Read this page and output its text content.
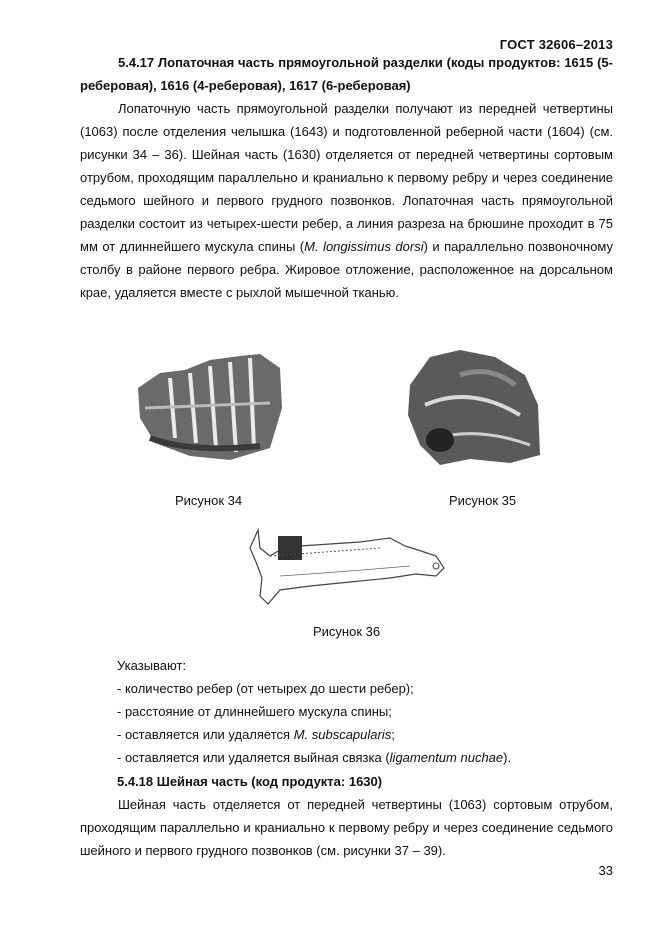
ГОСТ 32606–2013
5.4.17 Лопаточная часть прямоугольной разделки (коды продуктов: 1615 (5-реберовая), 1616 (4-реберовая), 1617 (6-реберовая)
Лопаточную часть прямоугольной разделки получают из передней четвертины (1063) после отделения челышка (1643) и подготовленной реберной части (1604) (см. рисунки 34 – 36). Шейная часть (1630) отделяется от передней четвертины сортовым отрубом, проходящим параллельно и краниально к первому ребру и через соединение седьмого шейного и первого грудного позвонков. Лопаточная часть прямоугольной разделки состоит из четырех-шести ребер, а линия разреза на брюшине проходит в 75 мм от длиннейшего мускула спины (M. longissimus dorsi) и параллельно позвоночному столбу в районе первого ребра. Жировое отложение, расположенное на дорсальном крае, удаляется вместе с рыхлой мышечной тканью.
Рисунок 34	Рисунок 35
Рисунок 36
Указывают:
- количество ребер (от четырех до шести ребер);
- расстояние от длиннейшего мускула спины;
- оставляется или удаляется M. subscapularis;
- оставляется или удаляется выйная связка (ligamentum nuchae).
5.4.18 Шейная часть (код продукта: 1630)
Шейная часть отделяется от передней четвертины (1063) сортовым отрубом, проходящим параллельно и краниально к первому ребру и через соединение седьмого шейного и первого грудного позвонков (см. рисунки 37 – 39).
33
